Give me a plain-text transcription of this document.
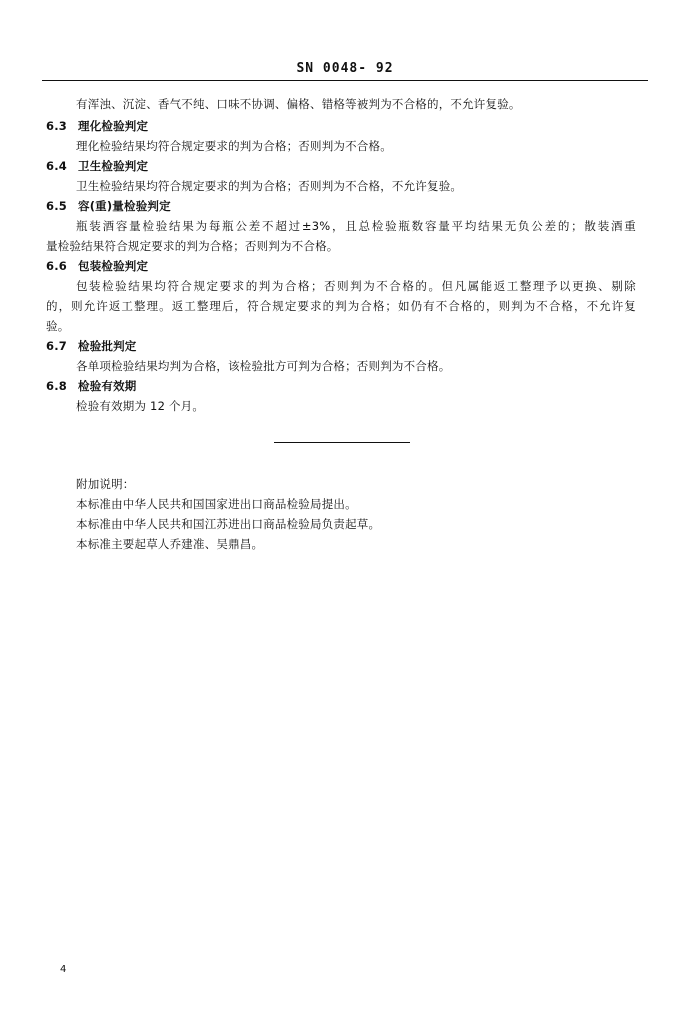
SN 0048- 92
有浑浊、沉淀、香气不纯、口味不协调、偏格、错格等被判为不合格的，不允许复验。
6.3 理化检验判定
理化检验结果均符合规定要求的判为合格；否则判为不合格。
6.4 卫生检验判定
卫生检验结果均符合规定要求的判为合格；否则判为不合格，不允许复验。
6.5 容(重)量检验判定
瓶装酒容量检验结果为每瓶公差不超过±3%，且总检验瓶数容量平均结果无负公差的；散装酒重
量检验结果符合规定要求的判为合格；否则判为不合格。
6.6 包装检验判定
包装检验结果均符合规定要求的判为合格；否则判为不合格的。但凡属能返工整理予以更换、剔除
的，则允许返工整理。返工整理后，符合规定要求的判为合格；如仍有不合格的，则判为不合格，不允许复
验。
6.7 检验批判定
各单项检验结果均判为合格，该检验批方可判为合格；否则判为不合格。
6.8 检验有效期
检验有效期为 12 个月。
附加说明：
本标准由中华人民共和国国家进出口商品检验局提出。
本标准由中华人民共和国江苏进出口商品检验局负责起草。
本标准主要起草人乔建准、吴鼎昌。
4
